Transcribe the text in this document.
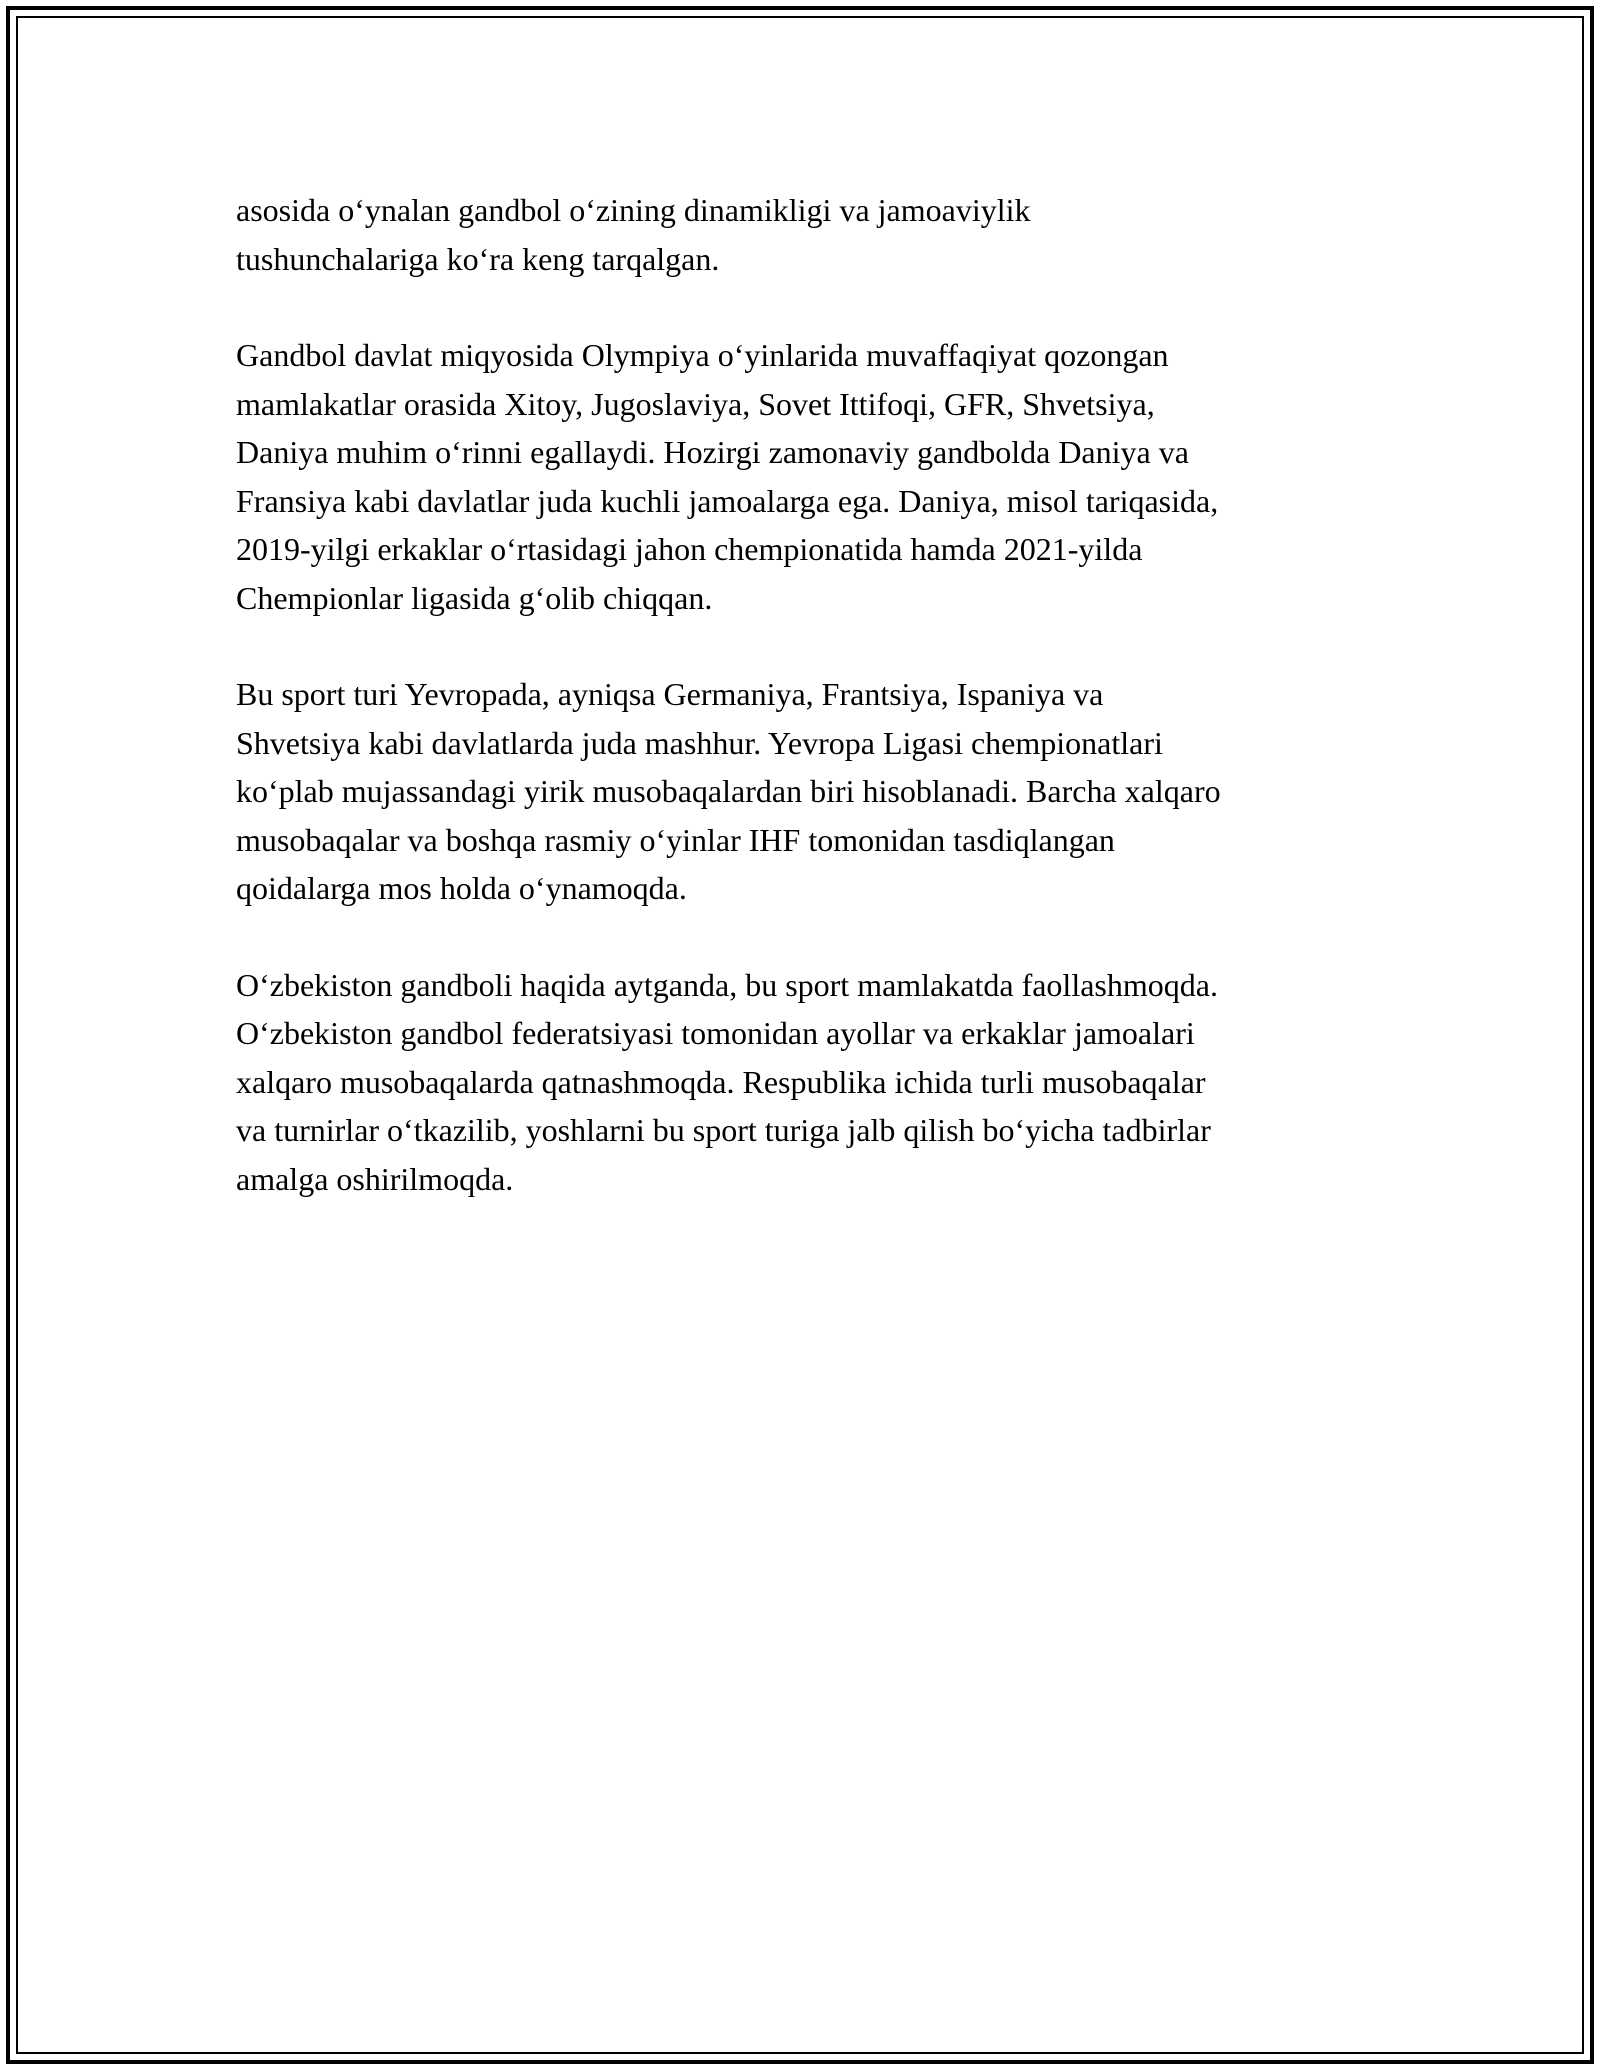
asosida o‘ynalan gandbol o‘zining dinamikligi va jamoaviylik
tushunchalariga ko‘ra keng tarqalgan.

Gandbol davlat miqyosida Olympiya o‘yinlarida muvaffaqiyat qozongan
mamlakatlar orasida Xitoy, Jugoslaviya, Sovet Ittifoqi, GFR, Shvetsiya,
Daniya muhim o‘rinni egallaydi. Hozirgi zamonaviy gandbolda Daniya va
Fransiya kabi davlatlar juda kuchli jamoalarga ega. Daniya, misol tariqasida,
2019-yilgi erkaklar o‘rtasidagi jahon chempionatida hamda 2021-yilda
Chempionlar ligasida g‘olib chiqqan.

Bu sport turi Yevropada, ayniqsa Germaniya, Frantsiya, Ispaniya va
Shvetsiya kabi davlatlarda juda mashhur. Yevropa Ligasi chempionatlari
ko‘plab mujassandagi yirik musobaqalardan biri hisoblanadi. Barcha xalqaro
musobaqalar va boshqa rasmiy o‘yinlar IHF tomonidan tasdiqlangan
qoidalarga mos holda o‘ynamoqda.

O‘zbekiston gandboli haqida aytganda, bu sport mamlakatda faollashmoqda.
O‘zbekiston gandbol federatsiyasi tomonidan ayollar va erkaklar jamoalari
xalqaro musobaqalarda qatnashmoqda. Respublika ichida turli musobaqalar
va turnirlar o‘tkazilib, yoshlarni bu sport turiga jalb qilish bo‘yicha tadbirlar
amalga oshirilmoqda.
